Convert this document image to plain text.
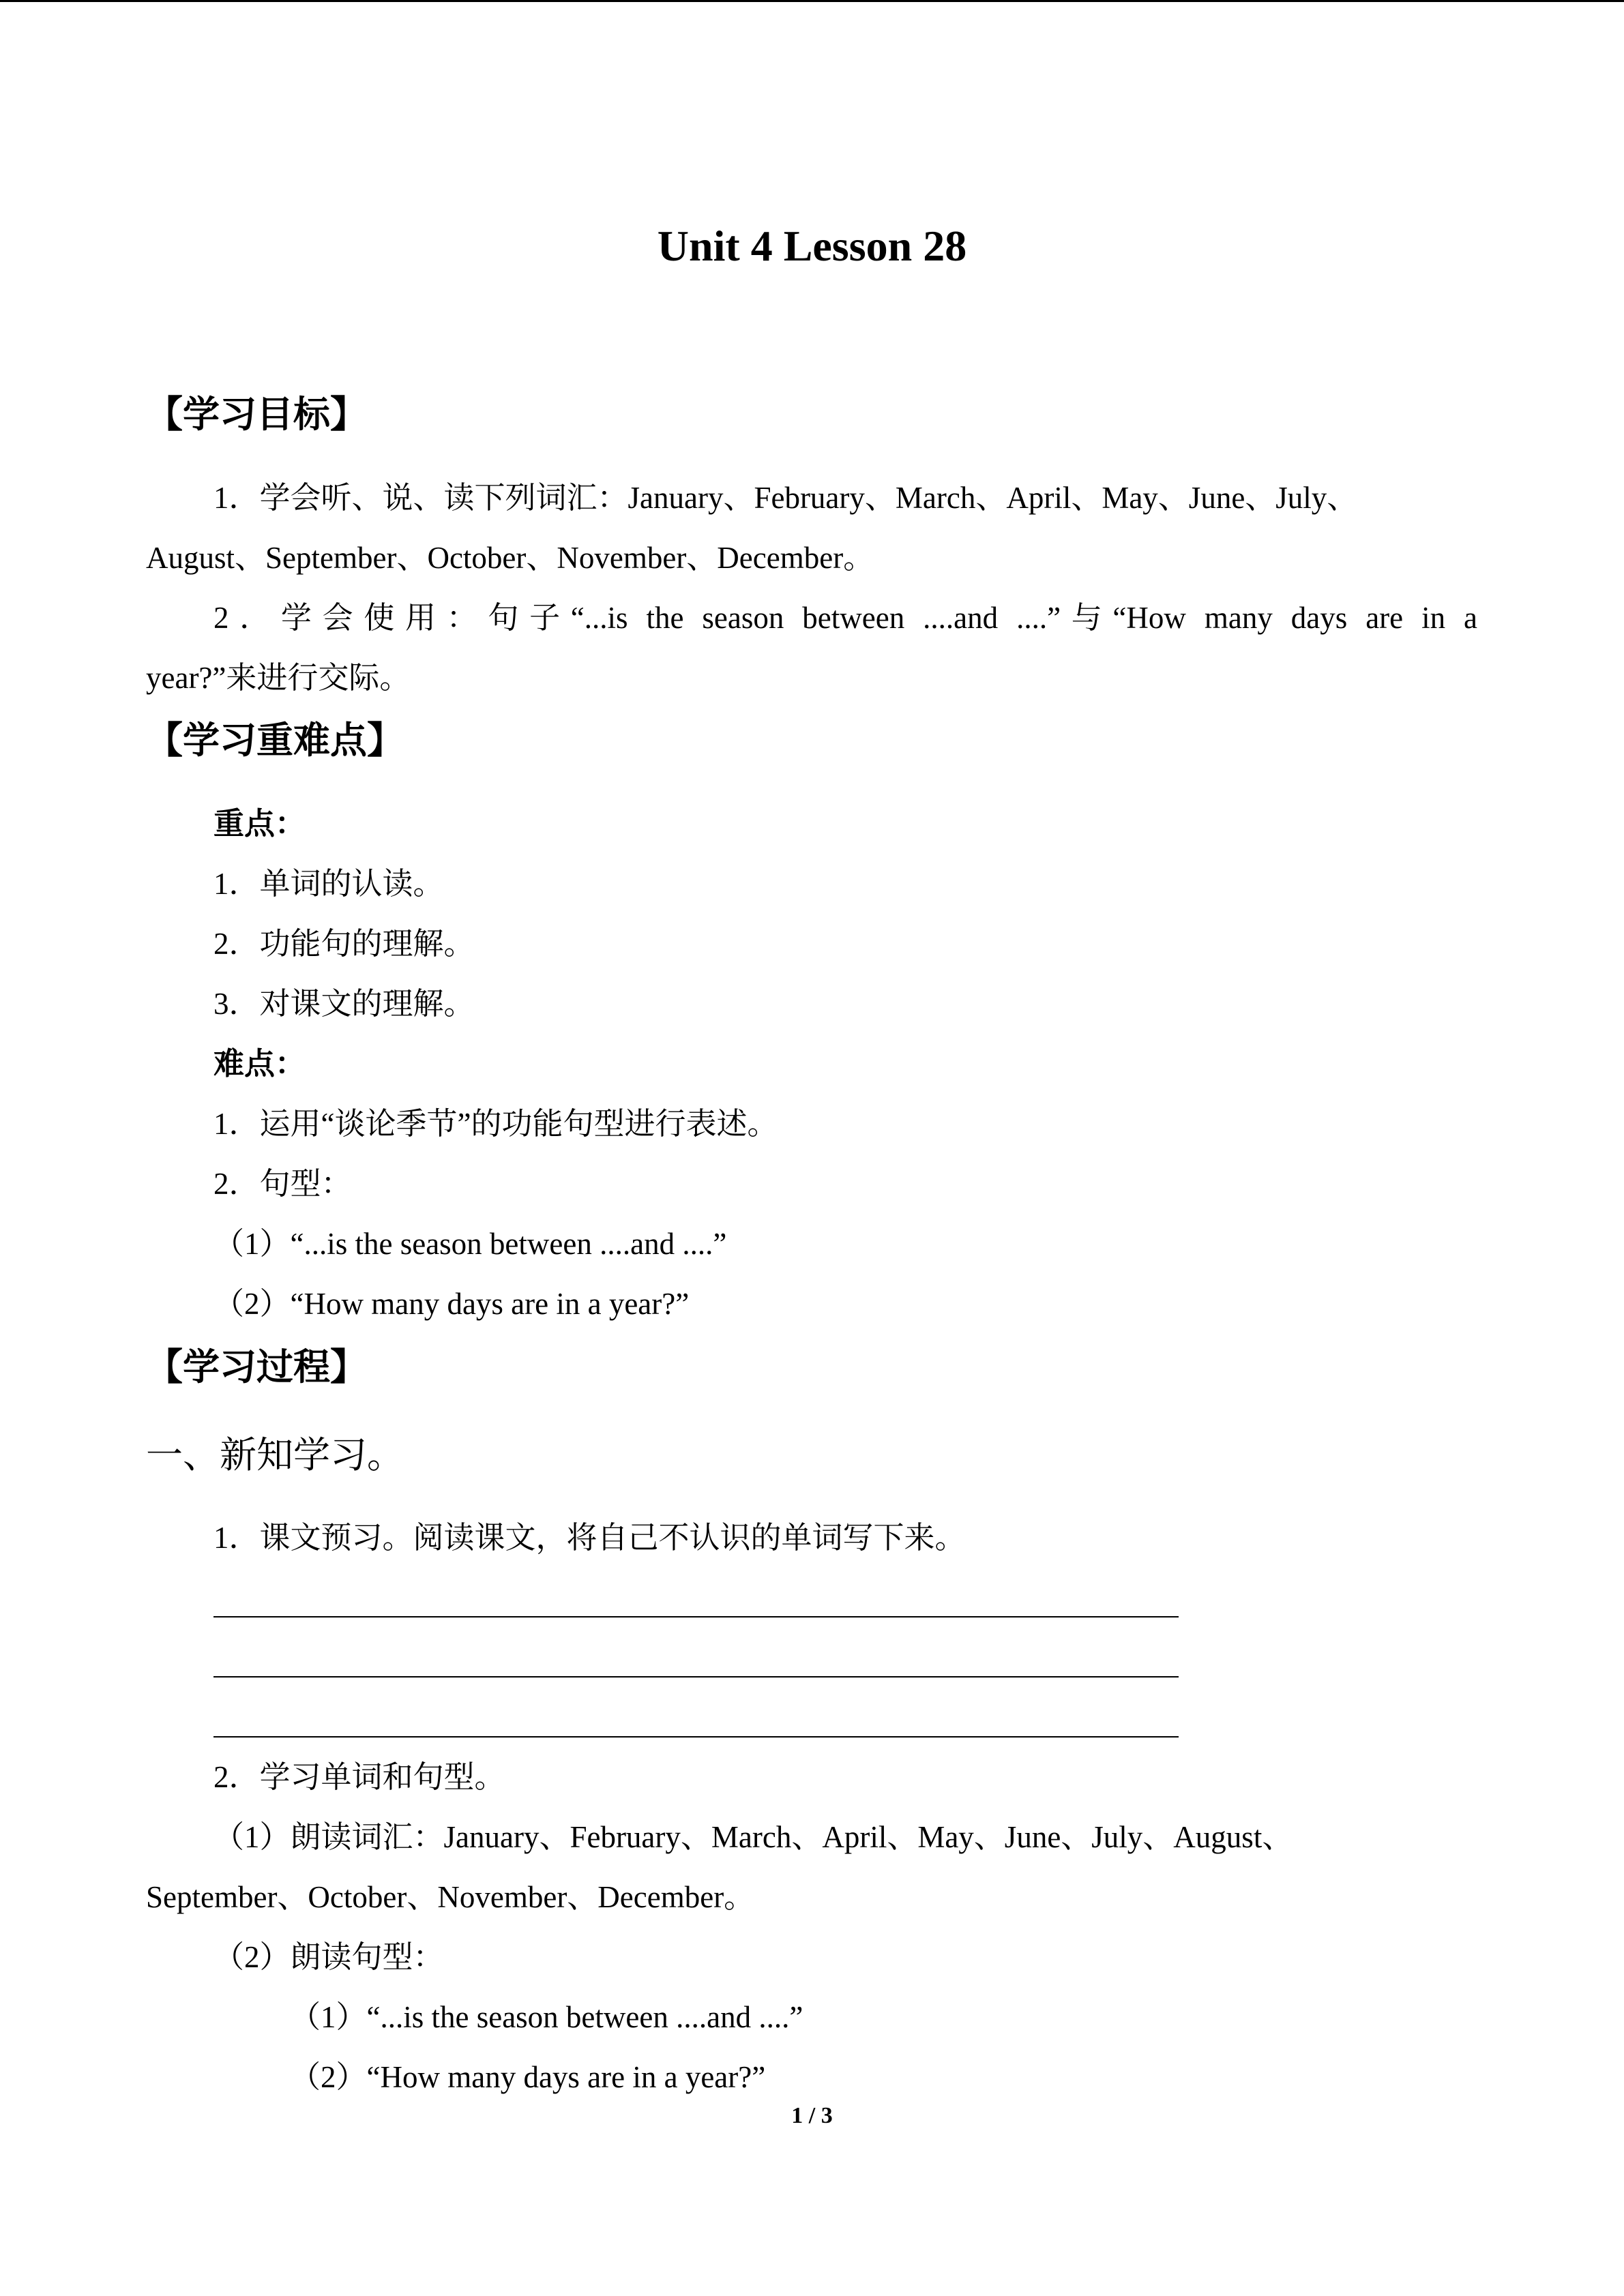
Unit 4 Lesson 28
【学习目标】
1．学会听、说、读下列词汇：January、February、March、April、May、June、July、
August、September、October、November、December。
2．学会使用：句子“...is the season between ....and ....”与“How many days are in a
year?”来进行交际。
【学习重难点】
重点：
1．单词的认读。
2．功能句的理解。
3．对课文的理解。
难点：
1．运用“谈论季节”的功能句型进行表述。
2．句型：
（1）“...is the season between ....and ....”
（2）“How many days are in a year?”
【学习过程】
一、新知学习。
1．课文预习。阅读课文，将自己不认识的单词写下来。
2．学习单词和句型。
（1）朗读词汇：January、February、March、April、May、June、July、August、
September、October、November、December。
（2）朗读句型：
（1）“...is the season between ....and ....”
（2）“How many days are in a year?”
1 / 3
